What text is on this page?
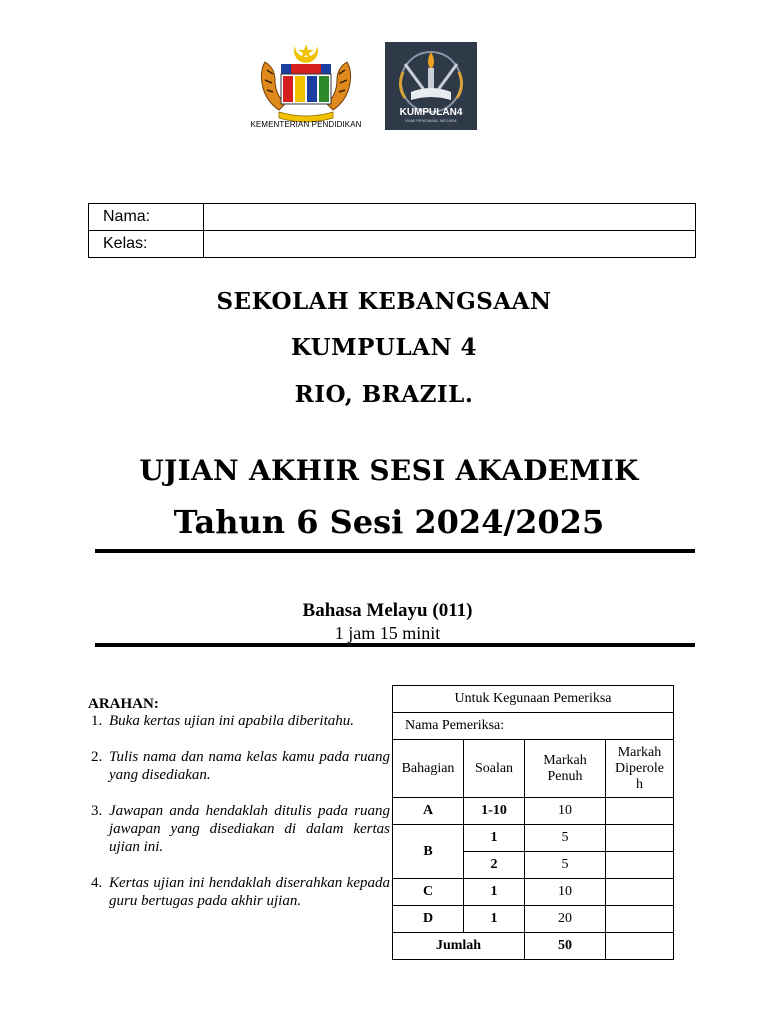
KEMENTERIAN PENDIDIKAN
KUMPULAN4
KAMI PENGAWAL NEGARA
Nama:	
Kelas:	
SEKOLAH KEBANGSAAN
KUMPULAN 4
RIO, BRAZIL.
UJIAN AKHIR SESI AKADEMIK
Tahun 6 Sesi 2024/2025
Bahasa Melayu (011)
1 jam 15 minit
ARAHAN:
1. Buka kertas ujian ini apabila diberitahu.
2. Tulis nama dan nama kelas kamu pada ruang yang disediakan.
3. Jawapan anda hendaklah ditulis pada ruang jawapan yang disediakan di dalam kertas ujian ini.
4. Kertas ujian ini hendaklah diserahkan kepada guru bertugas pada akhir ujian.
Untuk Kegunaan Pemeriksa			
Nama Pemeriksa:			
Bahagian	Soalan	Markah Penuh	Markah Diperoleh
A	1-10	10	
B	1	5	
	2	5	
C	1	10	
D	1	20	
Jumlah		50	
